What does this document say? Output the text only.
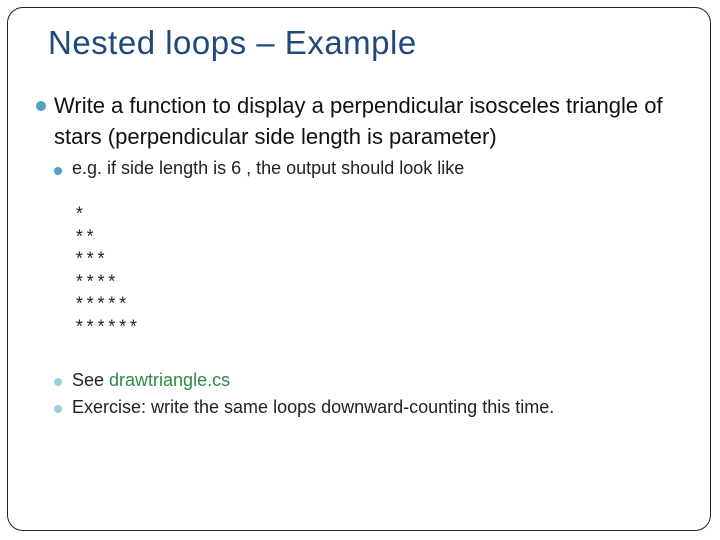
Nested loops – Example
Write a function to display a perpendicular isosceles triangle of stars (perpendicular side length is parameter)
e.g. if side length is 6 , the output should look like
*
**
***
****
*****
******
See drawtriangle.cs
Exercise: write the same loops downward-counting this time.
